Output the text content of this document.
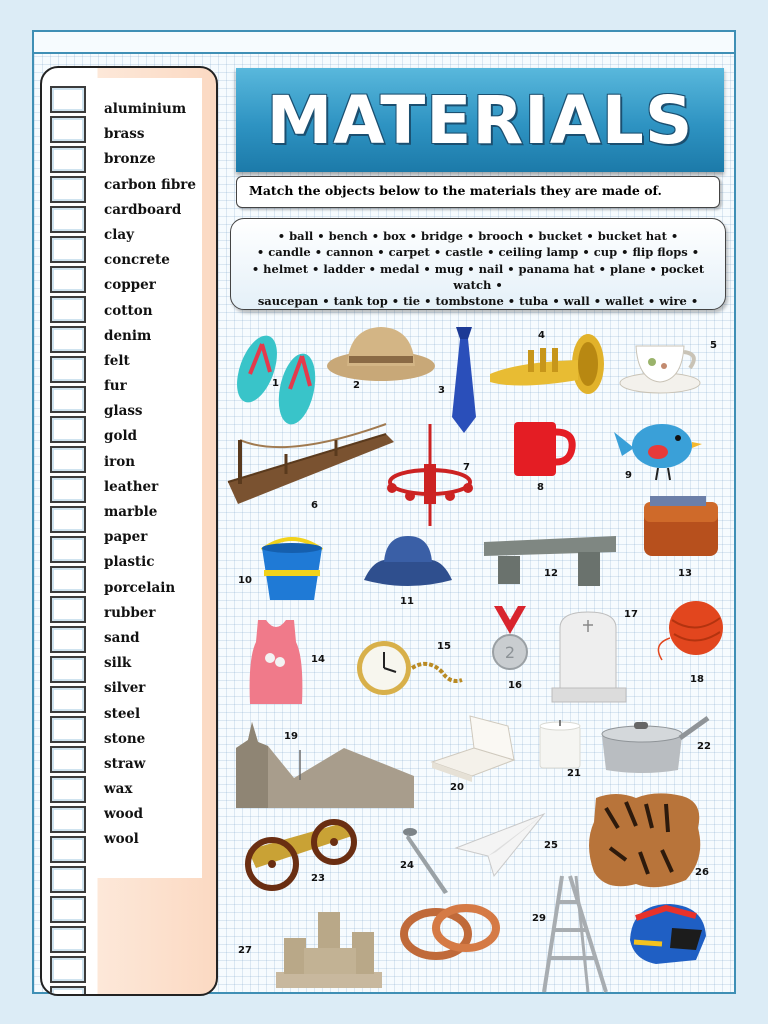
aluminium
brass
bronze
carbon fibre
cardboard
clay
concrete
copper
cotton
denim
felt
fur
glass
gold
iron
leather
marble
paper
plastic
porcelain
rubber
sand
silk
silver
steel
stone
straw
wax
wood
wool
MATERIALS
Match the objects below to the materials they are made of.
• ball • bench • box • bridge • brooch • bucket • bucket hat •
• candle • cannon • carpet • castle • ceiling lamp • cup • flip flops •
• helmet • ladder • medal • mug • nail • panama hat • plane • pocket watch •
saucepan • tank top • tie • tombstone • tuba • wall • wallet • wire •
1	2	3
4
5
6
7
8
9
10
11
12	13
14
15	2
16
17
18
19
20
21
22
23
24
25
26
27
29
